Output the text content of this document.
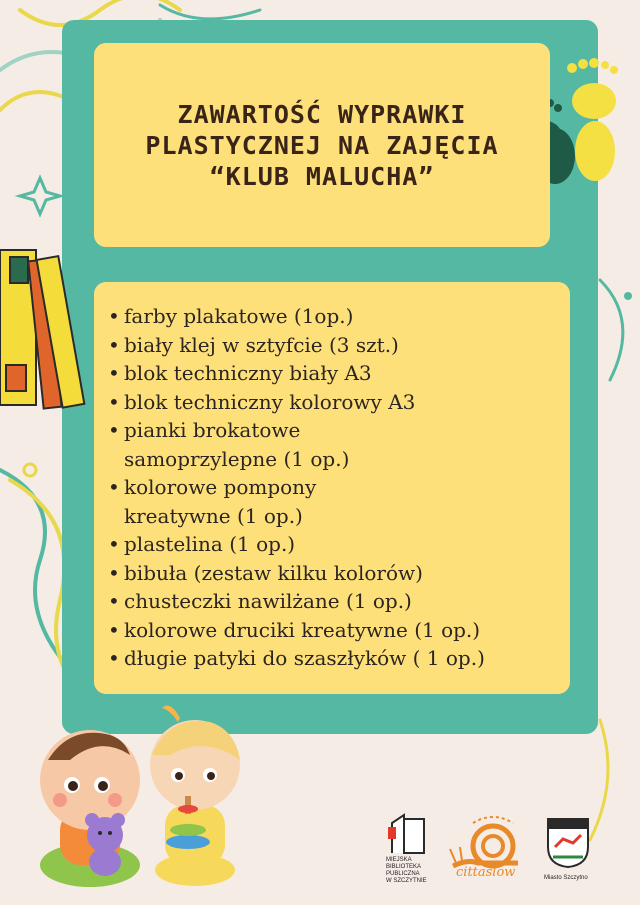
ZAWARTOŚĆ WYPRAWKI
PLASTYCZNEJ NA ZAJĘCIA
“KLUB MALUCHA”
• farby plakatowe (1op.)
• biały klej w sztyfcie (3 szt.)
• blok techniczny biały A3
• blok techniczny kolorowy A3
• pianki brokatowe samoprzylepne (1 op.)
• kolorowe pompony kreatywne (1 op.)
• plastelina (1 op.)
• bibuła (zestaw kilku kolorów)
• chusteczki nawilżane (1 op.)
• kolorowe druciki kreatywne (1 op.)
• długie patyki do szaszłyków ( 1 op.)
MIEJSKA
BIBLIOTEKA
PUBLICZNA
W SZCZYTNIE
cittaslow	Miasto Szczytno
